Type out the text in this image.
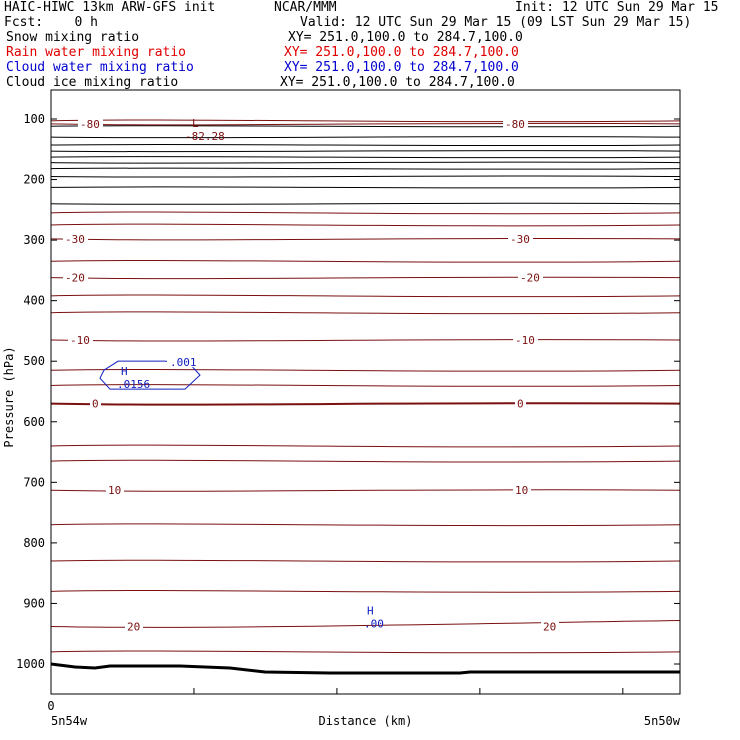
HAIC-HIWC 13km ARW-GFS init	NCAR/MMM	Init: 12 UTC Sun 29 Mar 15
Fcst:    0 h	Valid: 12 UTC Sun 29 Mar 15 (09 LST Sun 29 Mar 15)
Snow mixing ratio	XY= 251.0,100.0 to 284.7,100.0
Rain water mixing ratio	XY= 251.0,100.0 to 284.7,100.0
Cloud water mixing ratio	XY= 251.0,100.0 to 284.7,100.0
Cloud ice mixing ratio	XY= 251.0,100.0 to 284.7,100.0
-80	-80
-30	-30
-20	-20
-10	-10
0	0
10	10
20	20
L
-82.28
.001
H
.0156
H
.00
100
200
300
400
500
600
700
800
900
1000
0
5n54w	5n50w
Distance (km)
Pressure (hPa)
